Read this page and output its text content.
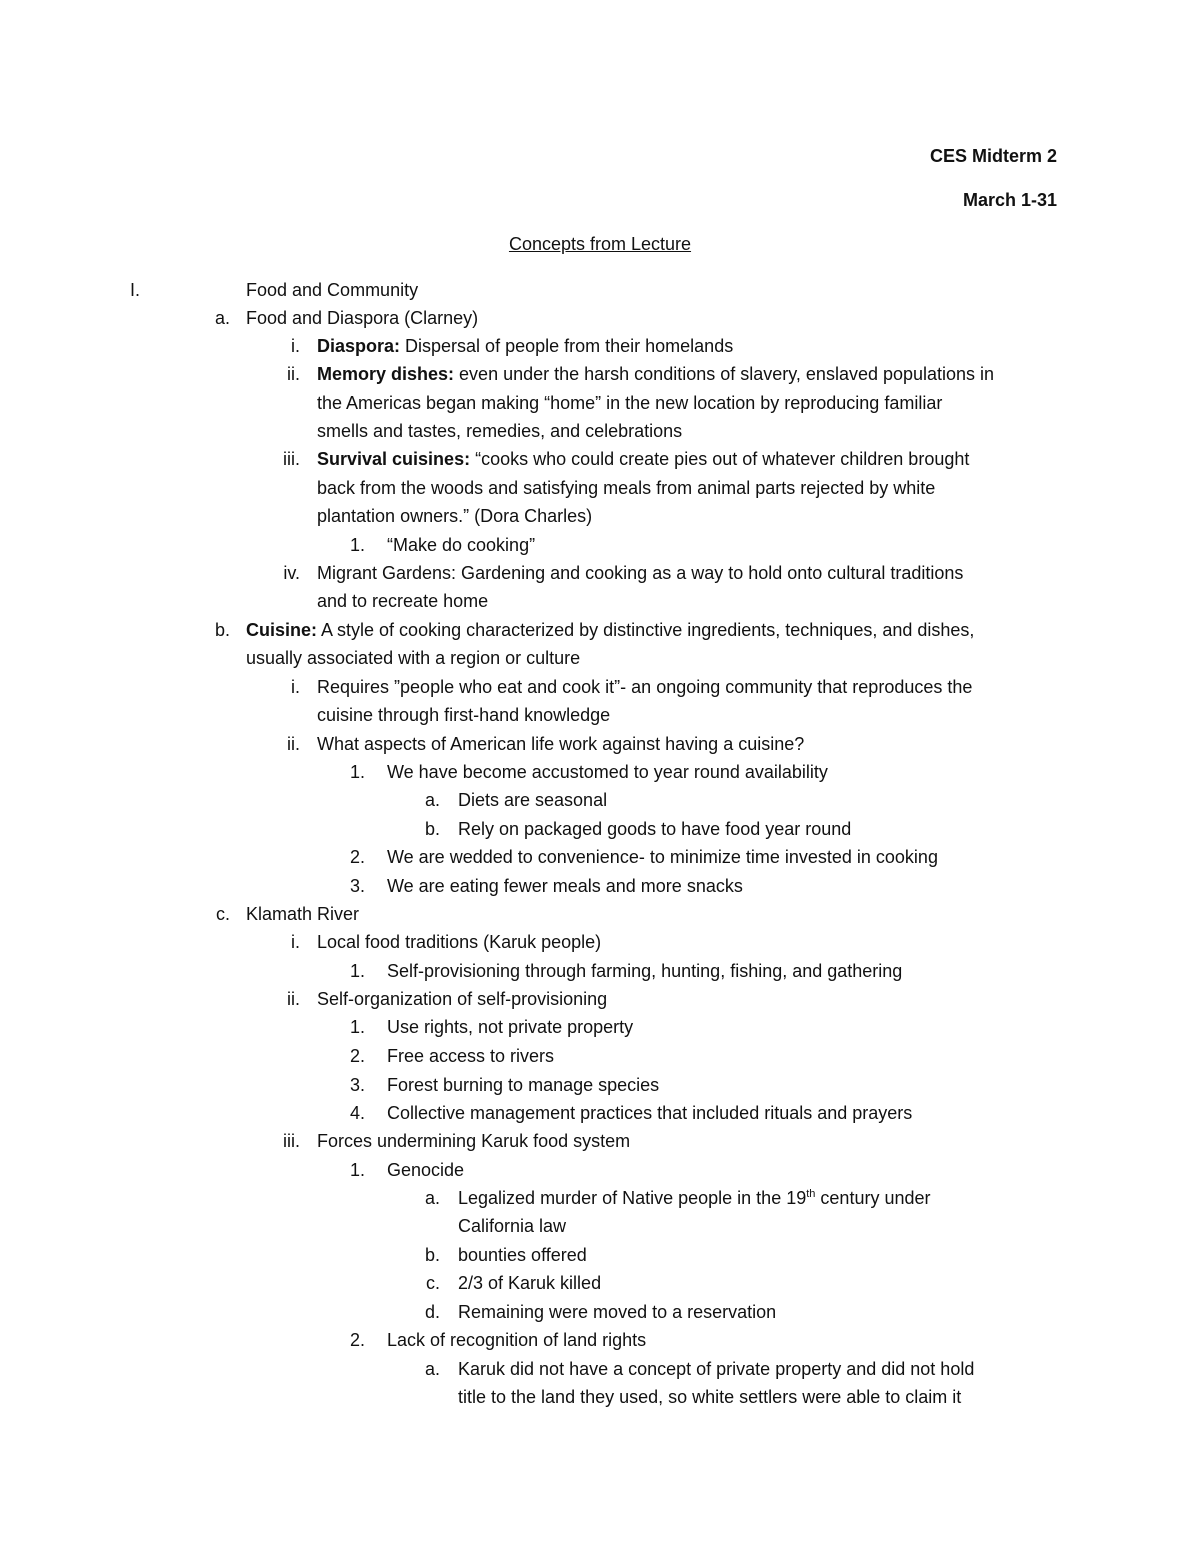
CES Midterm 2
March 1-31
Concepts from Lecture
I.	Food and Community
a. Food and Diaspora (Clarney)
i. Diaspora: Dispersal of people from their homelands
ii. Memory dishes: even under the harsh conditions of slavery, enslaved populations in
the Americas began making “home” in the new location by reproducing familiar
smells and tastes, remedies, and celebrations
iii. Survival cuisines: “cooks who could create pies out of whatever children brought
back from the woods and satisfying meals from animal parts rejected by white
plantation owners.” (Dora Charles)
1. “Make do cooking”
iv. Migrant Gardens: Gardening and cooking as a way to hold onto cultural traditions
and to recreate home
b. Cuisine: A style of cooking characterized by distinctive ingredients, techniques, and dishes,
usually associated with a region or culture
i. Requires ”people who eat and cook it”- an ongoing community that reproduces the
cuisine through first-hand knowledge
ii. What aspects of American life work against having a cuisine?
1. We have become accustomed to year round availability
a. Diets are seasonal
b. Rely on packaged goods to have food year round
2. We are wedded to convenience- to minimize time invested in cooking
3. We are eating fewer meals and more snacks
c. Klamath River
i. Local food traditions (Karuk people)
1. Self-provisioning through farming, hunting, fishing, and gathering
ii. Self-organization of self-provisioning
1. Use rights, not private property
2. Free access to rivers
3. Forest burning to manage species
4. Collective management practices that included rituals and prayers
iii. Forces undermining Karuk food system
1. Genocide
a. Legalized murder of Native people in the 19th century under
California law
b. bounties offered
c. 2/3 of Karuk killed
d. Remaining were moved to a reservation
2. Lack of recognition of land rights
a. Karuk did not have a concept of private property and did not hold
title to the land they used, so white settlers were able to claim it
